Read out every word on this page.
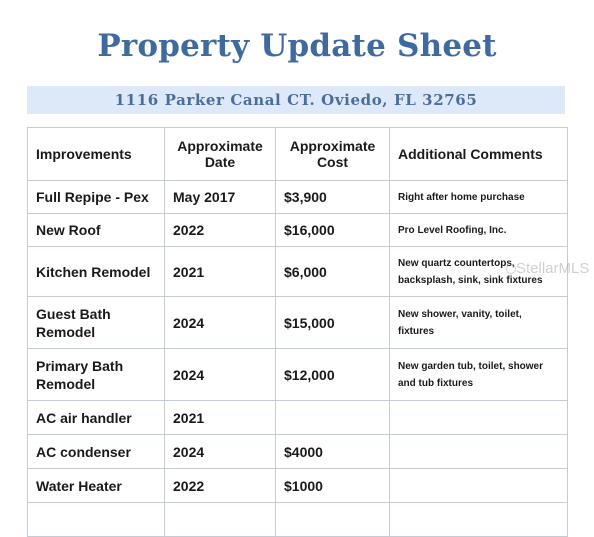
Property Update Sheet
1116 Parker Canal CT. Oviedo, FL 32765
Improvements	Approximate Date	Approximate Cost	Additional Comments
Full Repipe - Pex	May 2017	$3,900	Right after home purchase
New Roof	2022	$16,000	Pro Level Roofing, Inc.
Kitchen Remodel	2021	$6,000	New quartz countertops, backsplash, sink, sink fixtures
Guest Bath Remodel	2024	$15,000	New shower, vanity, toilet, fixtures
Primary Bath Remodel	2024	$12,000	New garden tub, toilet, shower and tub fixtures
AC air handler	2021		
AC condenser	2024	$4000	
Water Heater	2022	$1000	

StellarMLS
